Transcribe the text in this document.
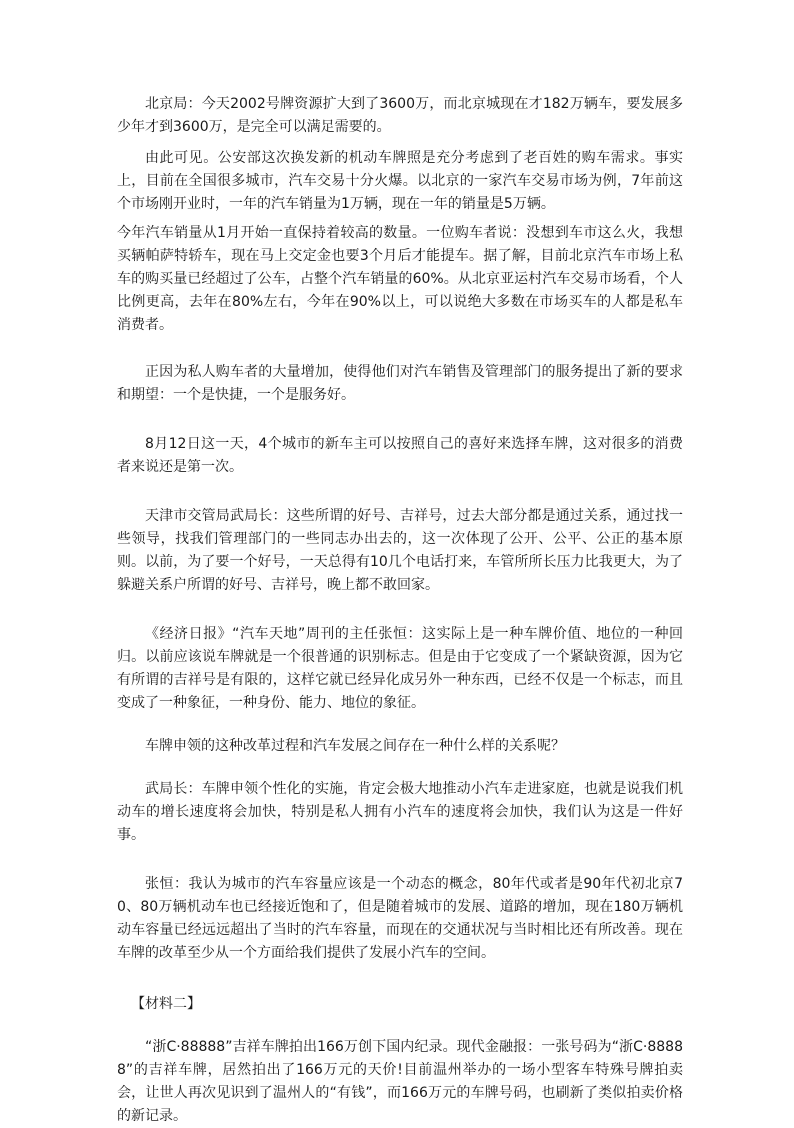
北京局：今天2002号牌资源扩大到了3600万，而北京城现在才182万辆车，要发展多少年才到3600万，是完全可以满足需要的。

由此可见。公安部这次换发新的机动车牌照是充分考虑到了老百姓的购车需求。事实上，目前在全国很多城市，汽车交易十分火爆。以北京的一家汽车交易市场为例，7年前这个市场刚开业时，一年的汽车销量为1万辆，现在一年的销量是5万辆。

今年汽车销量从1月开始一直保持着较高的数量。一位购车者说：没想到车市这么火，我想买辆帕萨特轿车，现在马上交定金也要3个月后才能提车。据了解，目前北京汽车市场上私车的购买量已经超过了公车，占整个汽车销量的60%。从北京亚运村汽车交易市场看，个人比例更高，去年在80%左右，今年在90%以上，可以说绝大多数在市场买车的人都是私车消费者。

正因为私人购车者的大量增加，使得他们对汽车销售及管理部门的服务提出了新的要求和期望：一个是快捷，一个是服务好。

8月12日这一天，4个城市的新车主可以按照自己的喜好来选择车牌，这对很多的消费者来说还是第一次。

天津市交管局武局长：这些所谓的好号、吉祥号，过去大部分都是通过关系，通过找一些领导，找我们管理部门的一些同志办出去的，这一次体现了公开、公平、公正的基本原则。以前，为了要一个好号，一天总得有10几个电话打来，车管所所长压力比我更大，为了躲避关系户所谓的好号、吉祥号，晚上都不敢回家。

《经济日报》“汽车天地”周刊的主任张恒：这实际上是一种车牌价值、地位的一种回归。以前应该说车牌就是一个很普通的识别标志。但是由于它变成了一个紧缺资源，因为它有所谓的吉祥号是有限的，这样它就已经异化成另外一种东西，已经不仅是一个标志，而且变成了一种象征，一种身份、能力、地位的象征。

车牌申领的这种改革过程和汽车发展之间存在一种什么样的关系呢？

武局长：车牌申领个性化的实施，肯定会极大地推动小汽车走进家庭，也就是说我们机动车的增长速度将会加快，特别是私人拥有小汽车的速度将会加快，我们认为这是一件好事。

张恒：我认为城市的汽车容量应该是一个动态的概念，80年代或者是90年代初北京70、80万辆机动车也已经接近饱和了，但是随着城市的发展、道路的增加，现在180万辆机动车容量已经远远超出了当时的汽车容量，而现在的交通状况与当时相比还有所改善。现在车牌的改革至少从一个方面给我们提供了发展小汽车的空间。

【材料二】

“浙C·88888”吉祥车牌拍出166万创下国内纪录。现代金融报：一张号码为“浙C·88888”的吉祥车牌，居然拍出了166万元的天价!目前温州举办的一场小型客车特殊号牌拍卖会，让世人再次见识到了温州人的“有钱”，而166万元的车牌号码，也刷新了类似拍卖价格的新记录。
